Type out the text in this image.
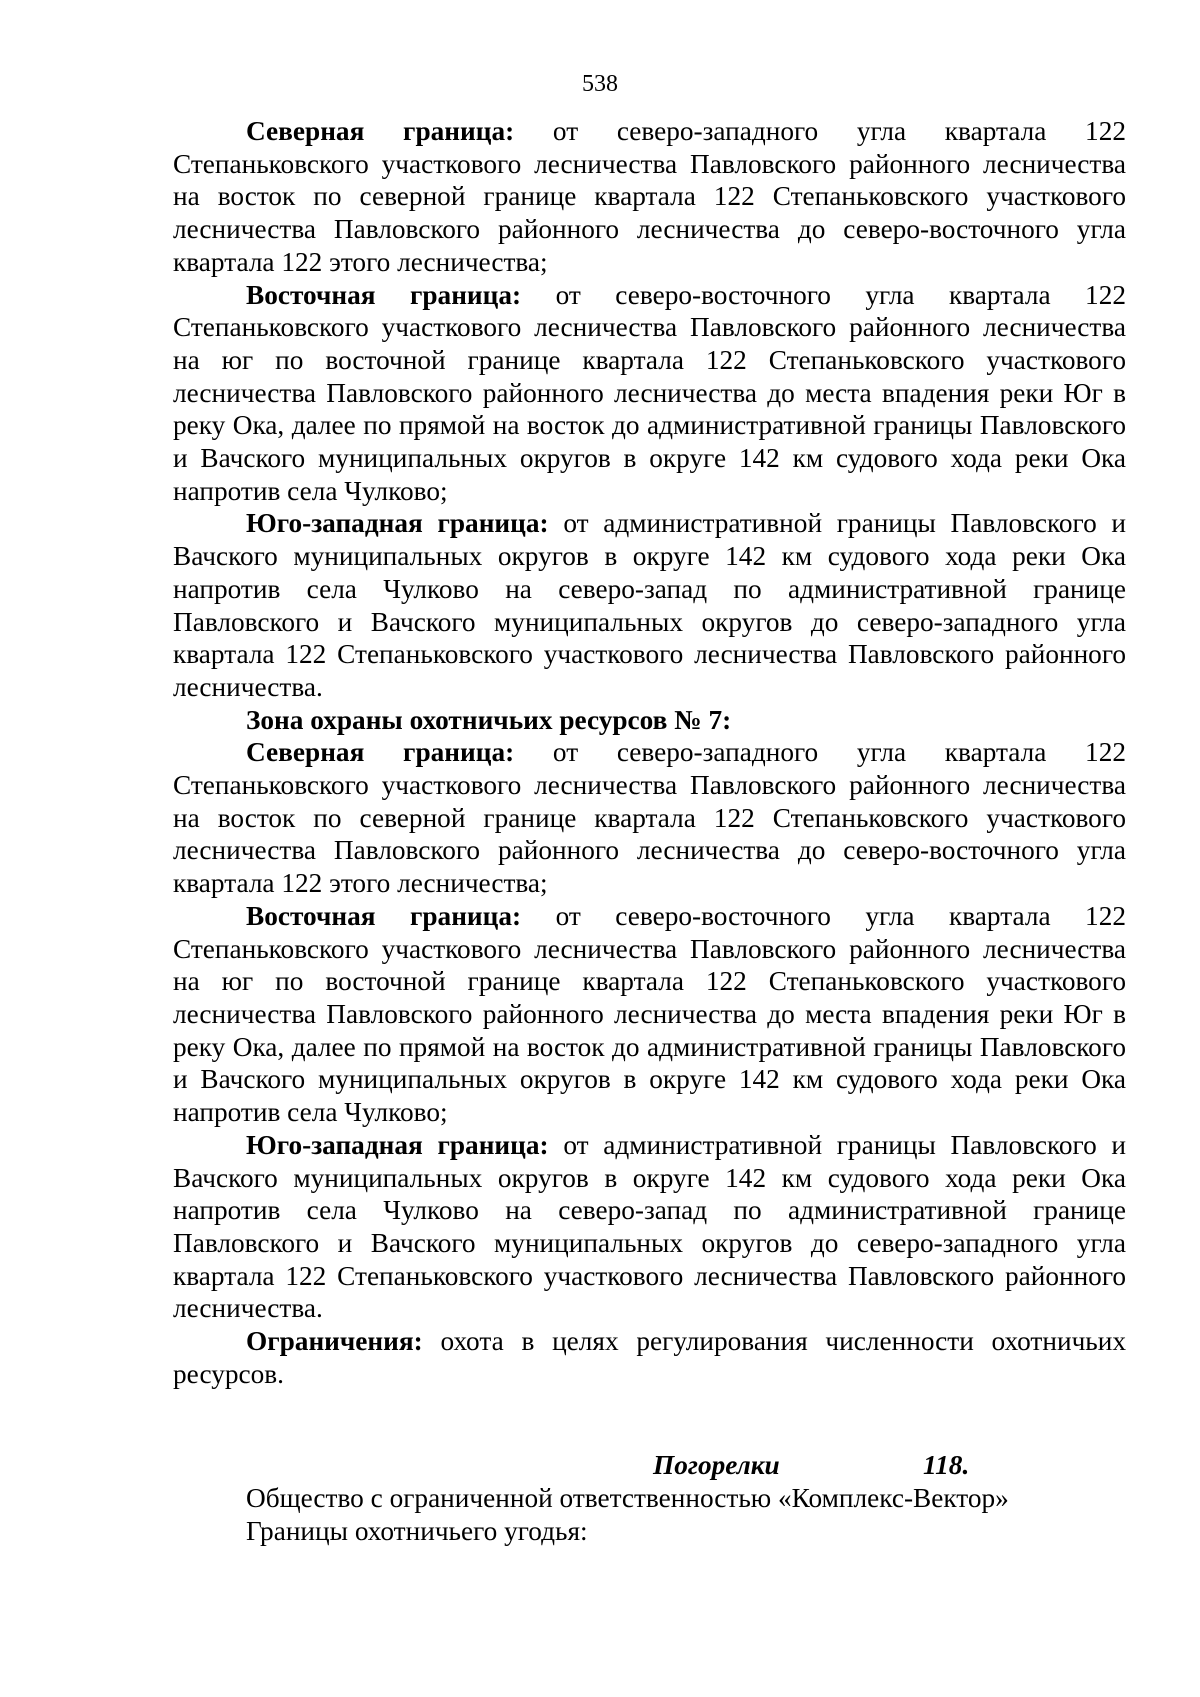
538

Северная граница: от северо-западного угла квартала 122 Степаньковского участкового лесничества Павловского районного лесничества на восток по северной границе квартала 122 Степаньковского участкового лесничества Павловского районного лесничества до северо-восточного угла квартала 122 этого лесничества;

Восточная граница: от северо-восточного угла квартала 122 Степаньковского участкового лесничества Павловского районного лесничества на юг по восточной границе квартала 122 Степаньковского участкового лесничества Павловского районного лесничества до места впадения реки Юг в реку Ока, далее по прямой на восток до административной границы Павловского и Вачского муниципальных округов в округе 142 км судового хода реки Ока напротив села Чулково;

Юго-западная граница: от административной границы Павловского и Вачского муниципальных округов в округе 142 км судового хода реки Ока напротив села Чулково на северо-запад по административной границе Павловского и Вачского муниципальных округов до северо-западного угла квартала 122 Степаньковского участкового лесничества Павловского районного лесничества.

Зона охраны охотничьих ресурсов № 7:

Северная граница: от северо-западного угла квартала 122 Степаньковского участкового лесничества Павловского районного лесничества на восток по северной границе квартала 122 Степаньковского участкового лесничества Павловского районного лесничества до северо-восточного угла квартала 122 этого лесничества;

Восточная граница: от северо-восточного угла квартала 122 Степаньковского участкового лесничества Павловского районного лесничества на юг по восточной границе квартала 122 Степаньковского участкового лесничества Павловского районного лесничества до места впадения реки Юг в реку Ока, далее по прямой на восток до административной границы Павловского и Вачского муниципальных округов в округе 142 км судового хода реки Ока напротив села Чулково;

Юго-западная граница: от административной границы Павловского и Вачского муниципальных округов в округе 142 км судового хода реки Ока напротив села Чулково на северо-запад по административной границе Павловского и Вачского муниципальных округов до северо-западного угла квартала 122 Степаньковского участкового лесничества Павловского районного лесничества.

Ограничения: охота в целях регулирования численности охотничьих ресурсов.

118.Погорелки

Общество с ограниченной ответственностью «Комплекс-Вектор»

Границы охотничьего угодья:
